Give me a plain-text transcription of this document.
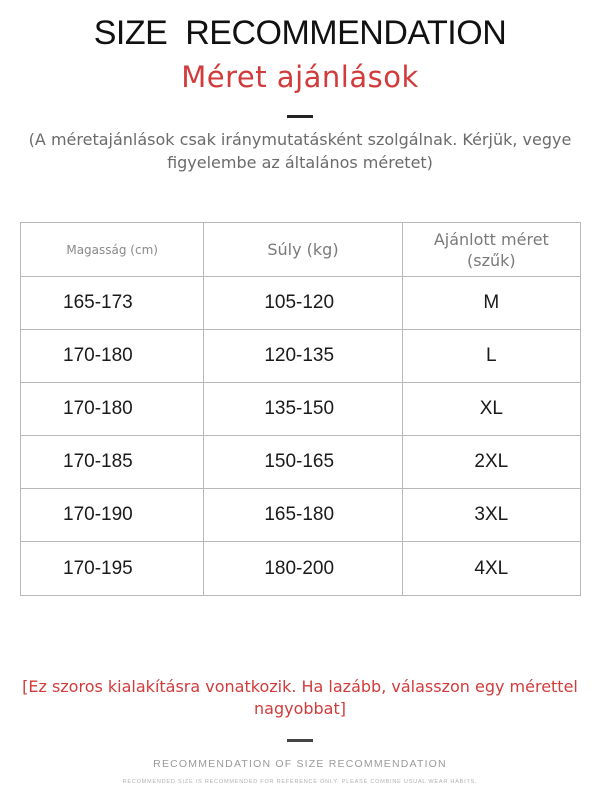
SIZE  RECOMMENDATION
Méret ajánlások
(A méretajánlások csak iránymutatásként szolgálnak. Kérjük, vegye figyelembe az általános méretet)
Magasság (cm)	Súly (kg)	Ajánlott méret (szűk)

165-173	105-120	M
170-180	120-135	L
170-180	135-150	XL
170-185	150-165	2XL
170-190	165-180	3XL
170-195	180-200	4XL
[Ez szoros kialakításra vonatkozik. Ha lazább, válasszon egy mérettel nagyobbat]
RECOMMENDATION OF SIZE RECOMMENDATION
RECOMMENDED SIZE IS RECOMMENDED FOR REFERENCE ONLY. PLEASE COMBINE USUAL WEAR HABITS.
